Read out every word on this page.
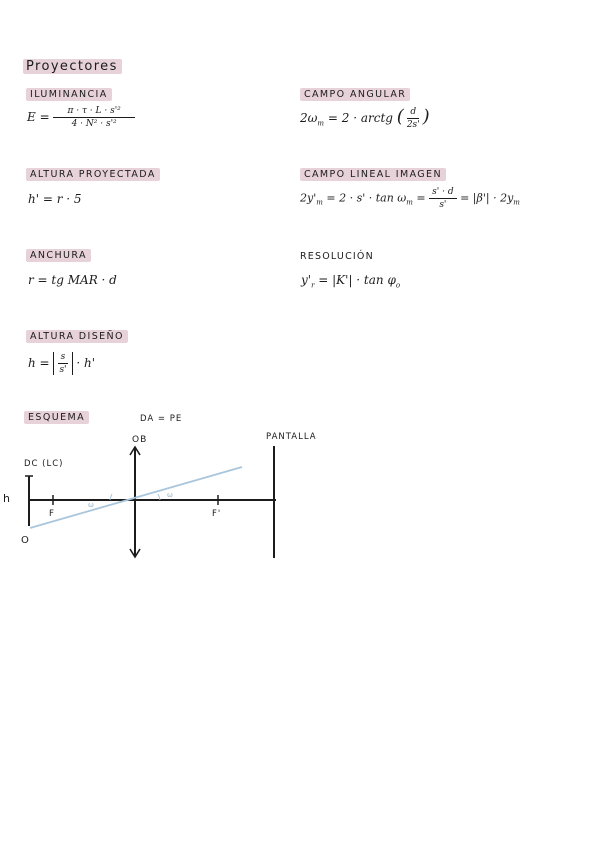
Proyectores
ILUMINANCIA
$E = \frac{\text{π · τ · L · s'²}}{\text{4 · N² · s'²}}$
CAMPO ANGULAR
$2\omega_m = 2$ · arctg ( $\frac{d}{2s'}$ )
ALTURA PROYECTADA
h' = r · 5
CAMPO LINEAL IMAGEN
$2y'_m = 2 \cdot s' \cdot \tan \omega_m = \frac{s' \cdot d}{s'} = |\beta'| \cdot 2y_m$
ANCHURA
r = tg MAR · d
RESOLUCIÓN
$y'_r = |K'| \cdot \tan \varphi_o$
ALTURA DISEÑO
$h = \frac{s}{s'} \cdot h'$
ESQUEMA	DA = PE
OB	PANTALLA
DC (LC)
h
O
F	F'
ω
ω
